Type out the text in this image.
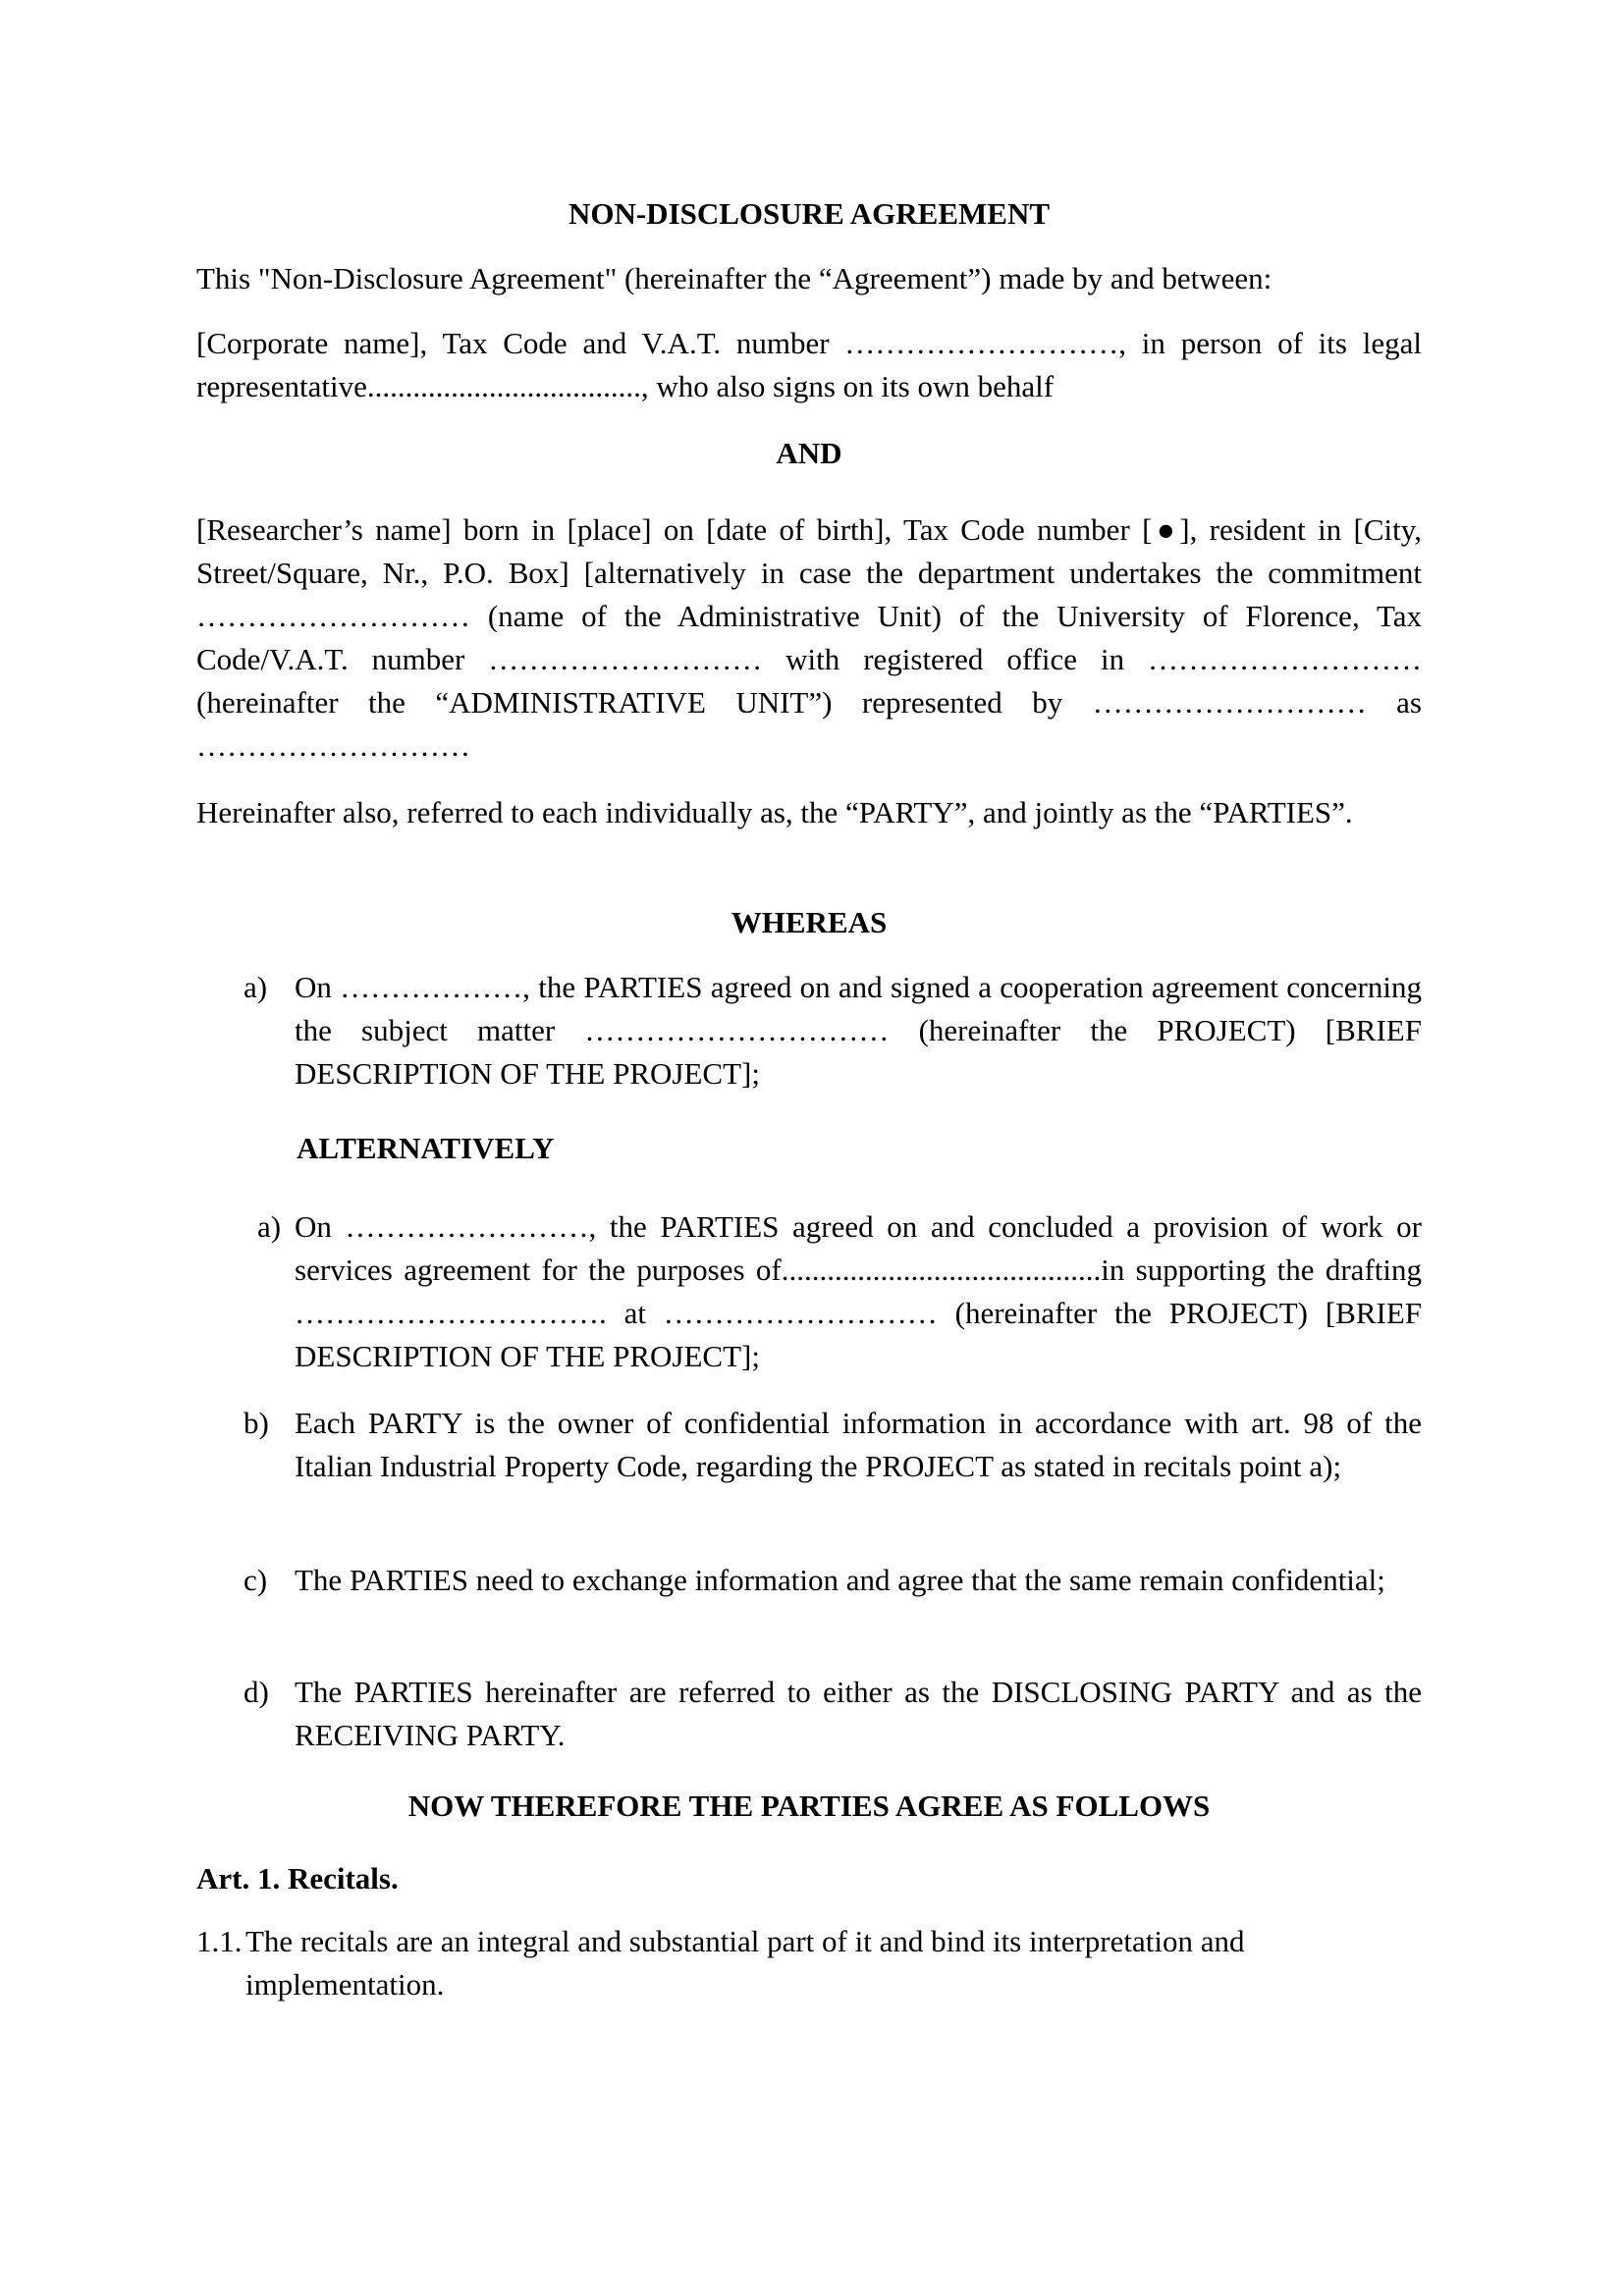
NON-DISCLOSURE AGREEMENT

This "Non-Disclosure Agreement" (hereinafter the “Agreement”) made by and between:

[Corporate name], Tax Code and V.A.T. number ………………………, in person of its legal representative...................................., who also signs on its own behalf

AND

[Researcher’s name] born in [place] on [date of birth], Tax Code number [●], resident in [City, Street/Square, Nr., P.O. Box] [alternatively in case the department undertakes the commitment ……………………… (name of the Administrative Unit) of the University of Florence, Tax Code/V.A.T. number ……………………… with registered office in ……………………… (hereinafter the “ADMINISTRATIVE UNIT”) represented by ……………………… as ………………………

Hereinafter also, referred to each individually as, the “PARTY”, and jointly as the “PARTIES”.

WHEREAS
a) On ………………, the PARTIES agreed on and signed a cooperation agreement concerning the subject matter ………………………… (hereinafter the PROJECT) [BRIEF DESCRIPTION OF THE PROJECT];
ALTERNATIVELY
a) On ……………………, the PARTIES agreed on and concluded a provision of work or services agreement for the purposes of..........................................in supporting the drafting …………………………. at ……………………… (hereinafter the PROJECT) [BRIEF DESCRIPTION OF THE PROJECT];
b) Each PARTY is the owner of confidential information in accordance with art. 98 of the Italian Industrial Property Code, regarding the PROJECT as stated in recitals point a);
c) The PARTIES need to exchange information and agree that the same remain confidential;
d) The PARTIES hereinafter are referred to either as the DISCLOSING PARTY and as the RECEIVING PARTY.
NOW THEREFORE THE PARTIES AGREE AS FOLLOWS
Art. 1. Recitals.
1.1. The recitals are an integral and substantial part of it and bind its interpretation and implementation.
